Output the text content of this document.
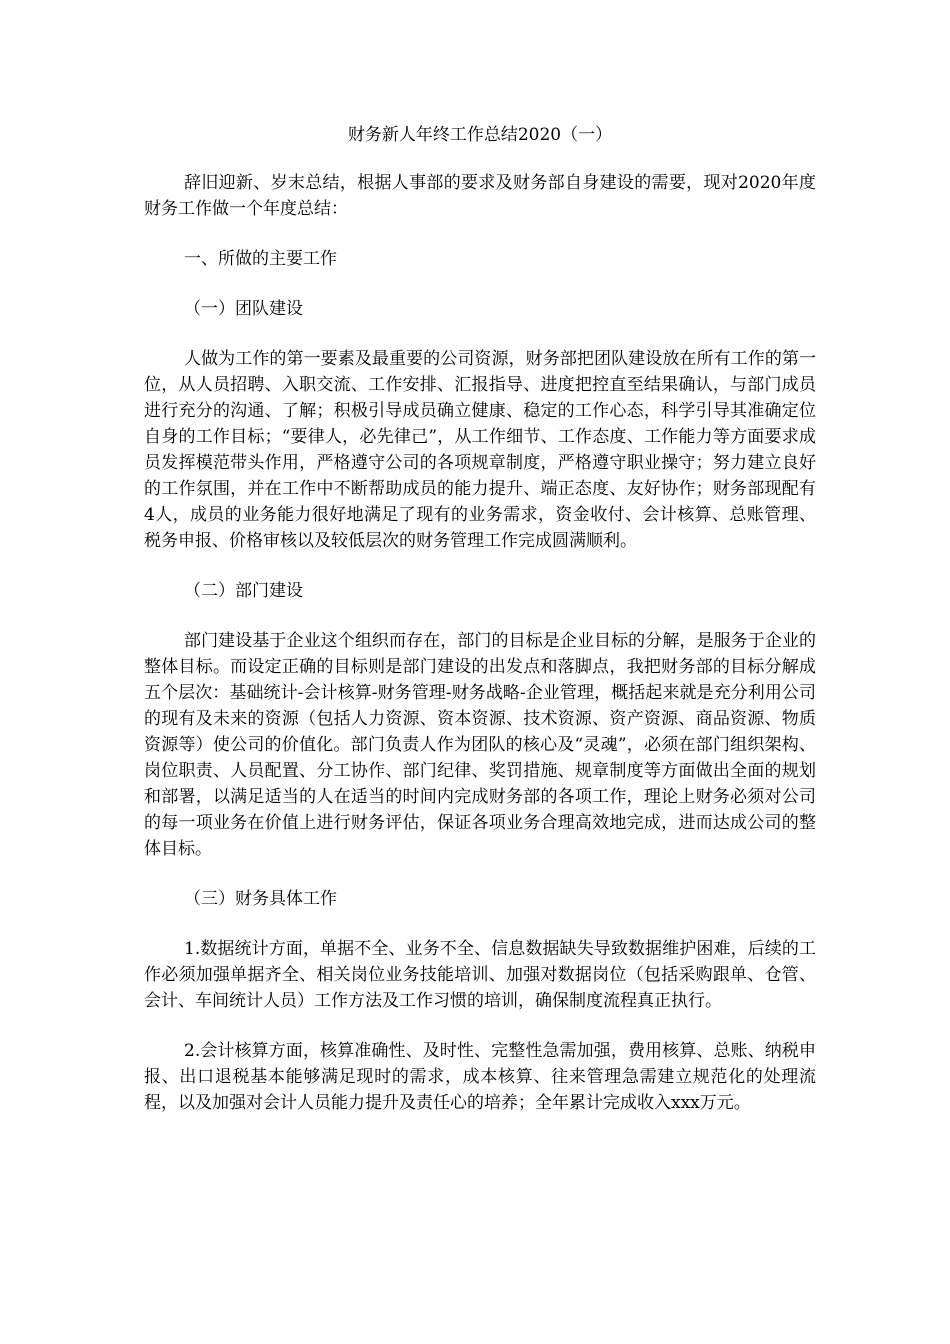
财务新人年终工作总结2020（一）

辞旧迎新、岁末总结，根据人事部的要求及财务部自身建设的需要，现对2020年度财务工作做一个年度总结：

一、所做的主要工作

（一）团队建设

人做为工作的第一要素及最重要的公司资源，财务部把团队建设放在所有工作的第一位，从人员招聘、入职交流、工作安排、汇报指导、进度把控直至结果确认，与部门成员进行充分的沟通、了解；积极引导成员确立健康、稳定的工作心态，科学引导其准确定位自身的工作目标；“要律人，必先律己”，从工作细节、工作态度、工作能力等方面要求成员发挥模范带头作用，严格遵守公司的各项规章制度，严格遵守职业操守；努力建立良好的工作氛围，并在工作中不断帮助成员的能力提升、端正态度、友好协作；财务部现配有4人，成员的业务能力很好地满足了现有的业务需求，资金收付、会计核算、总账管理、税务申报、价格审核以及较低层次的财务管理工作完成圆满顺利。

（二）部门建设

部门建设基于企业这个组织而存在，部门的目标是企业目标的分解，是服务于企业的整体目标。而设定正确的目标则是部门建设的出发点和落脚点，我把财务部的目标分解成五个层次：基础统计-会计核算-财务管理-财务战略-企业管理，概括起来就是充分利用公司的现有及未来的资源（包括人力资源、资本资源、技术资源、资产资源、商品资源、物质资源等）使公司的价值化。部门负责人作为团队的核心及“灵魂”，必须在部门组织架构、岗位职责、人员配置、分工协作、部门纪律、奖罚措施、规章制度等方面做出全面的规划和部署，以满足适当的人在适当的时间内完成财务部的各项工作，理论上财务必须对公司的每一项业务在价值上进行财务评估，保证各项业务合理高效地完成，进而达成公司的整体目标。

（三）财务具体工作

1.数据统计方面，单据不全、业务不全、信息数据缺失导致数据维护困难，后续的工作必须加强单据齐全、相关岗位业务技能培训、加强对数据岗位（包括采购跟单、仓管、会计、车间统计人员）工作方法及工作习惯的培训，确保制度流程真正执行。

2.会计核算方面，核算准确性、及时性、完整性急需加强，费用核算、总账、纳税申报、出口退税基本能够满足现时的需求，成本核算、往来管理急需建立规范化的处理流程，以及加强对会计人员能力提升及责任心的培养；全年累计完成收入xxx万元。
